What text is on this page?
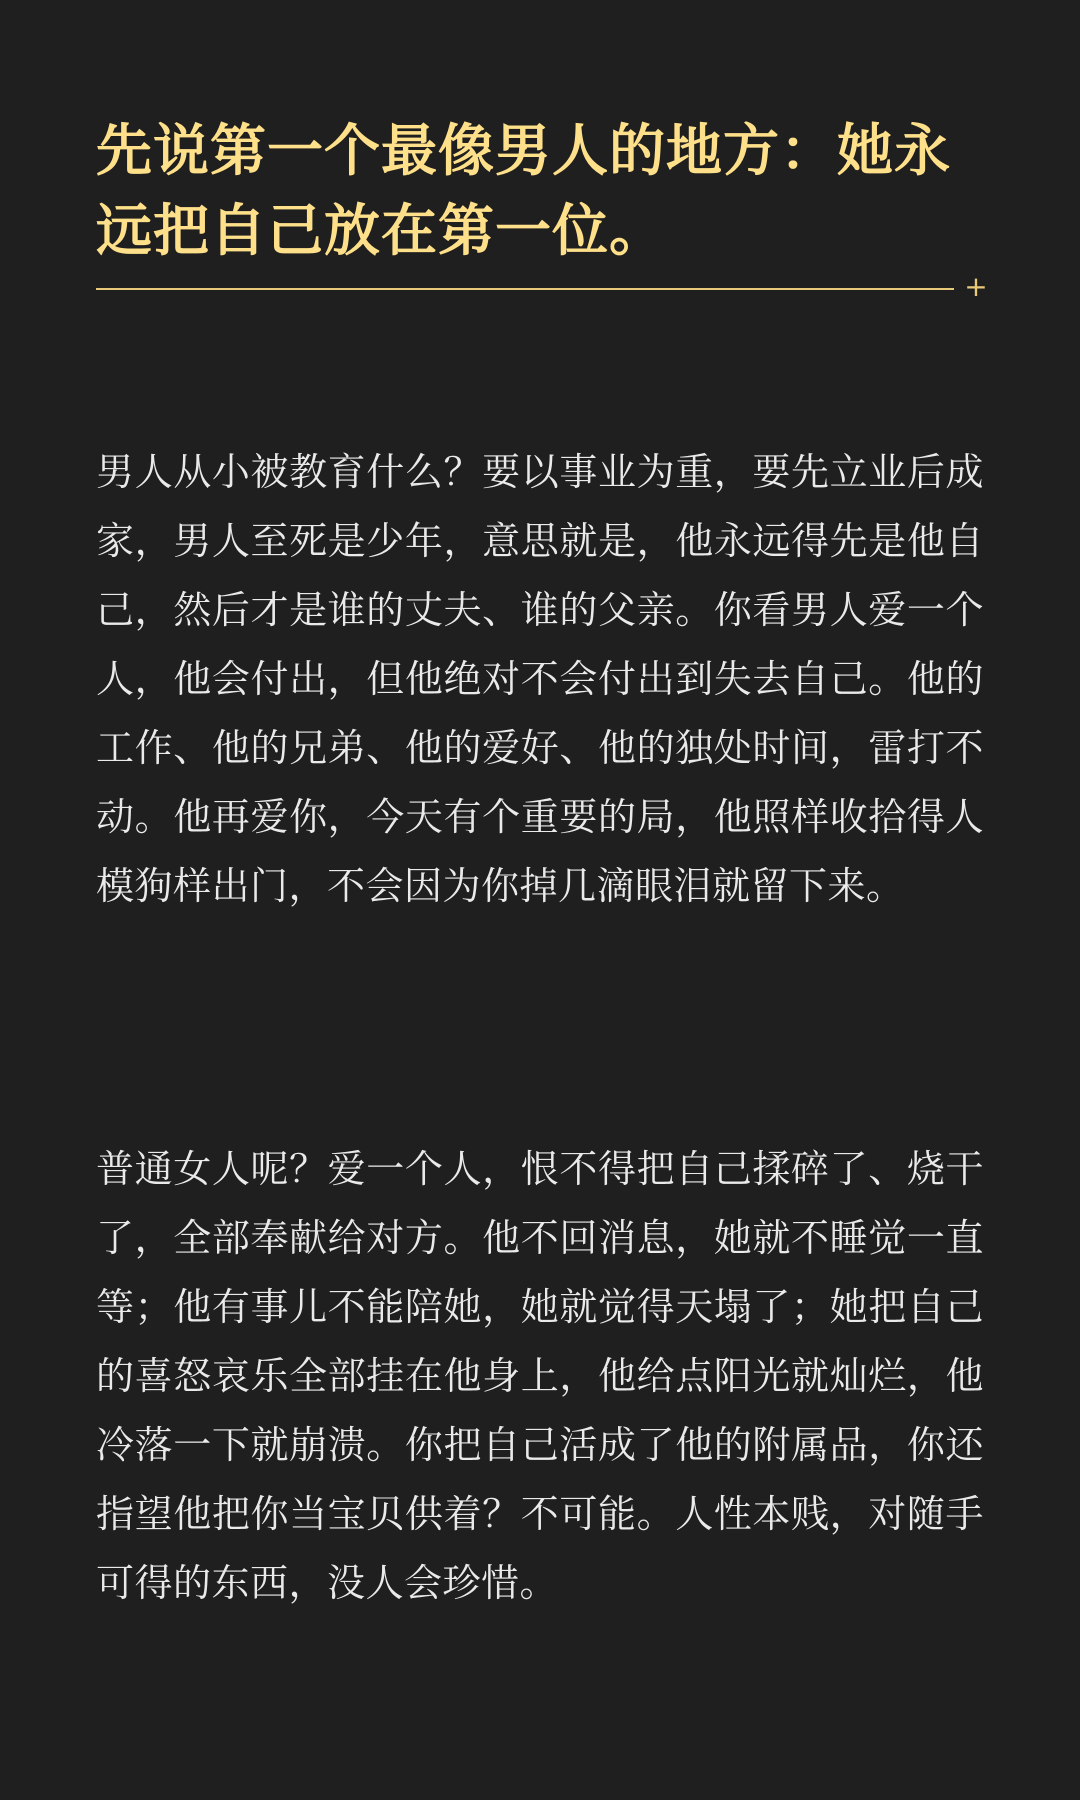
先说第一个最像男人的地方：她永远把自己放在第一位。
+

男人从小被教育什么？要以事业为重，要先立业后成家，男人至死是少年，意思就是，他永远得先是他自己，然后才是谁的丈夫、谁的父亲。你看男人爱一个人，他会付出，但他绝对不会付出到失去自己。他的工作、他的兄弟、他的爱好、他的独处时间，雷打不动。他再爱你，今天有个重要的局，他照样收拾得人模狗样出门，不会因为你掉几滴眼泪就留下来。

普通女人呢？爱一个人，恨不得把自己揉碎了、烧干了，全部奉献给对方。他不回消息，她就不睡觉一直等；他有事儿不能陪她，她就觉得天塌了；她把自己的喜怒哀乐全部挂在他身上，他给点阳光就灿烂，他冷落一下就崩溃。你把自己活成了他的附属品，你还指望他把你当宝贝供着？不可能。人性本贱，对随手可得的东西，没人会珍惜。
